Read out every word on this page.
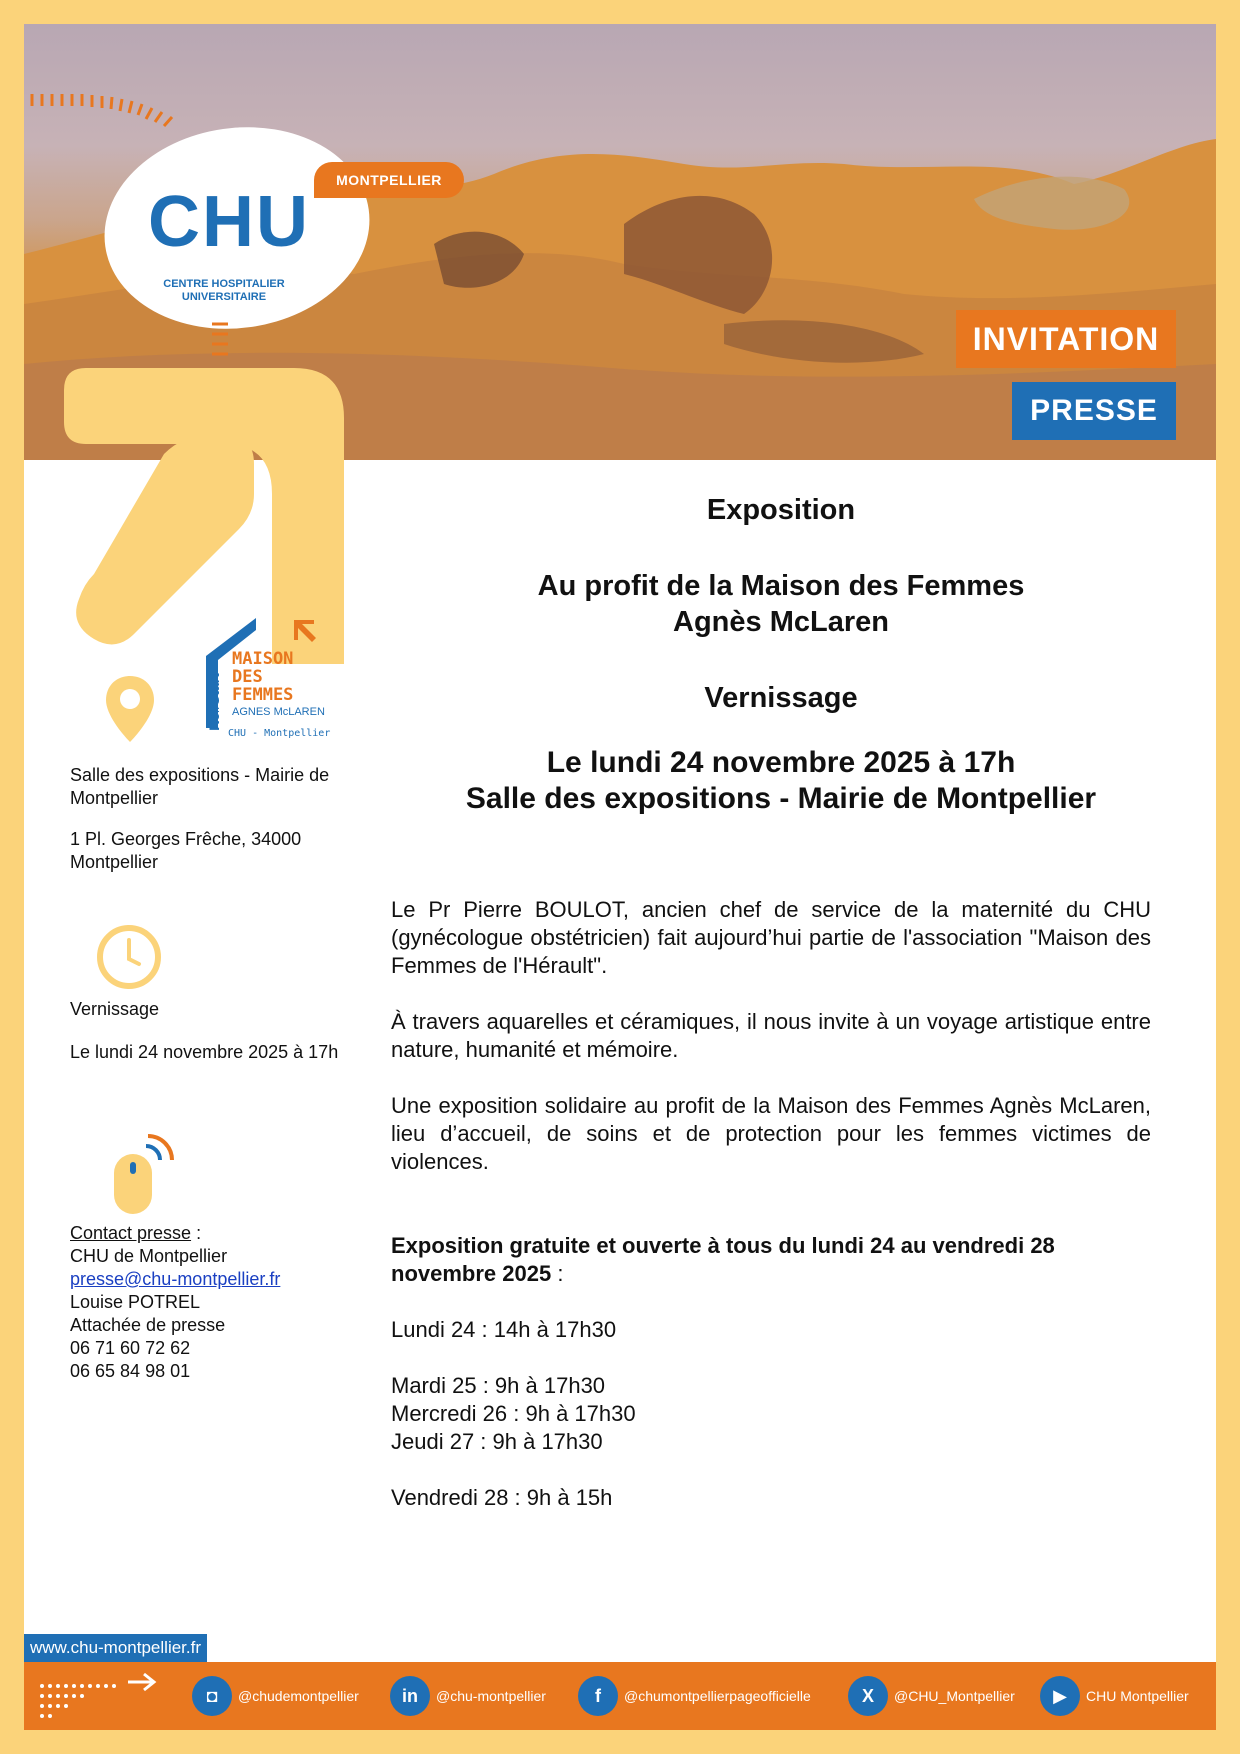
MONTPELLIER
CHU
CENTRE HOSPITALIER
UNIVERSITAIRE
INVITATION
PRESSE
Re#Start
MAISON
DES
FEMMES
AGNES McLAREN
CHU - Montpellier

Salle des expositions - Mairie de Montpellier

1 Pl. Georges Frêche, 34000 Montpellier

Vernissage

Le lundi 24 novembre 2025 à 17h

Contact presse :

CHU de Montpellier

presse@chu-montpellier.fr

Louise POTREL

Attachée de presse

06 71 60 72 62

06 65 84 98 01

Exposition

Au profit de la Maison des Femmes

Agnès McLaren

Vernissage

Le lundi 24 novembre 2025 à 17h

Salle des expositions - Mairie de Montpellier

Le Pr Pierre BOULOT, ancien chef de service de la maternité du CHU (gynécologue obstétricien) fait aujourd’hui partie de l'association "Maison des Femmes de l'Hérault".

À travers aquarelles et céramiques, il nous invite à un voyage artistique entre nature, humanité et mémoire.

Une exposition solidaire au profit de la Maison des Femmes Agnès McLaren, lieu d’accueil, de soins et de protection pour les femmes victimes de violences.

Exposition gratuite et ouverte à tous du lundi 24 au vendredi 28 novembre 2025 :

Lundi 24 : 14h à 17h30

Mardi 25 : 9h à 17h30

Mercredi 26 : 9h à 17h30

Jeudi 27 : 9h à 17h30

Vendredi 28 : 9h à 15h

www.chu-montpellier.fr
◘	@chudemontpellier	in	@chu-montpellier	f	@chumontpellierpageofficielle	X	@CHU_Montpellier	▶	CHU Montpellier
